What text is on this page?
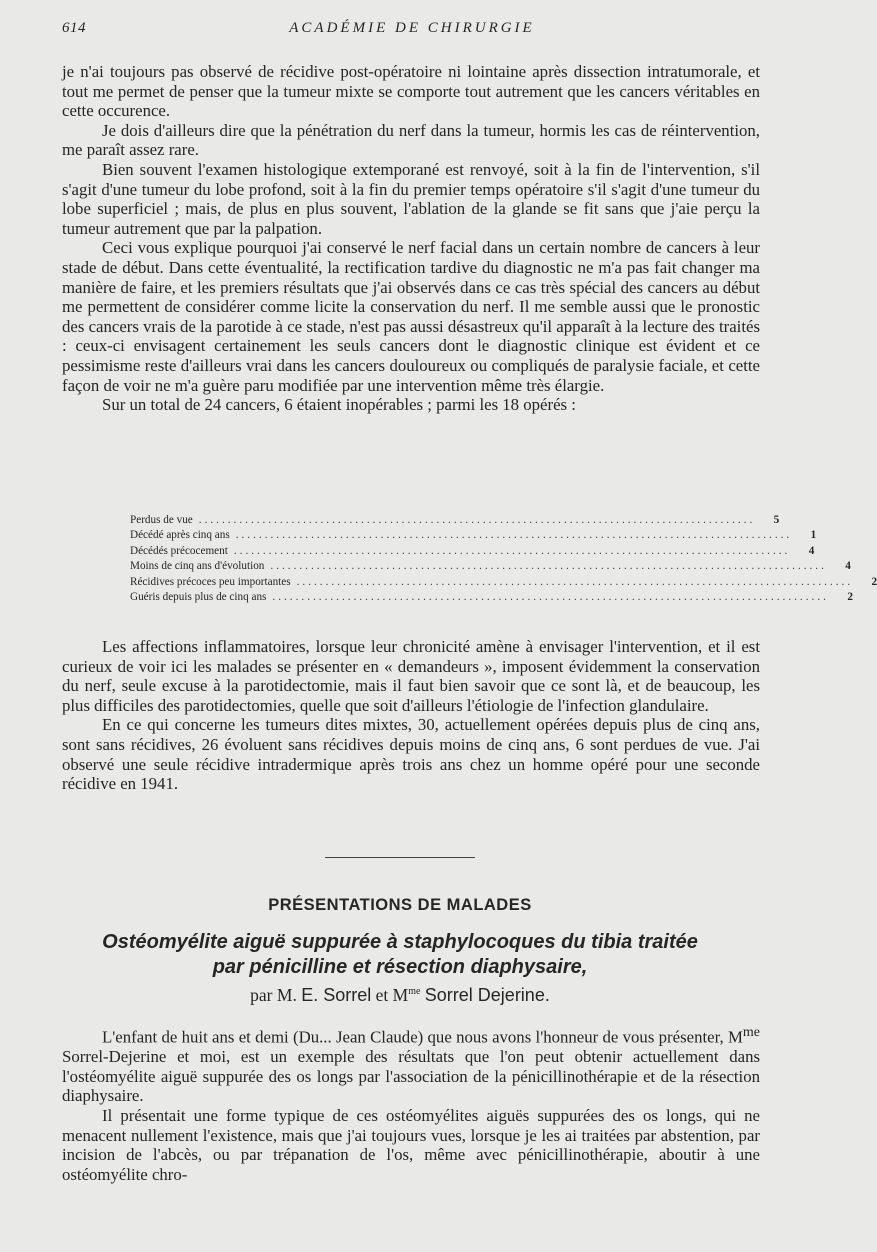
614	ACADÉMIE DE CHIRURGIE

je n'ai toujours pas observé de récidive post-opératoire ni lointaine après dissection intratumorale, et tout me permet de penser que la tumeur mixte se comporte tout autrement que les cancers véritables en cette occurence.

Je dois d'ailleurs dire que la pénétration du nerf dans la tumeur, hormis les cas de réintervention, me paraît assez rare.

Bien souvent l'examen histologique extemporané est renvoyé, soit à la fin de l'intervention, s'il s'agit d'une tumeur du lobe profond, soit à la fin du premier temps opératoire s'il s'agit d'une tumeur du lobe superficiel ; mais, de plus en plus souvent, l'ablation de la glande se fit sans que j'aie perçu la tumeur autrement que par la palpation.

Ceci vous explique pourquoi j'ai conservé le nerf facial dans un certain nombre de cancers à leur stade de début. Dans cette éventualité, la rectification tardive du diagnostic ne m'a pas fait changer ma manière de faire, et les premiers résultats que j'ai observés dans ce cas très spécial des cancers au début me permettent de considérer comme licite la conservation du nerf. Il me semble aussi que le pronostic des cancers vrais de la parotide à ce stade, n'est pas aussi désastreux qu'il apparaît à la lecture des traités : ceux-ci envisagent certainement les seuls cancers dont le diagnostic clinique est évident et ce pessimisme reste d'ailleurs vrai dans les cancers douloureux ou compliqués de paralysie faciale, et cette façon de voir ne m'a guère paru modifiée par une intervention même très élargie.

Sur un total de 24 cancers, 6 étaient inopérables ; parmi les 18 opérés :

Perdus de vue ................................................................................................	5
Décédé après cinq ans ................................................................................................	1
Décédés précocement ................................................................................................	4
Moins de cinq ans d'évolution ................................................................................................	4
Récidives précoces peu importantes ................................................................................................	2
Guéris depuis plus de cinq ans ................................................................................................	2

Les affections inflammatoires, lorsque leur chronicité amène à envisager l'intervention, et il est curieux de voir ici les malades se présenter en « demandeurs », imposent évidemment la conservation du nerf, seule excuse à la parotidectomie, mais il faut bien savoir que ce sont là, et de beaucoup, les plus difficiles des parotidectomies, quelle que soit d'ailleurs l'étiologie de l'infection glandulaire.

En ce qui concerne les tumeurs dites mixtes, 30, actuellement opérées depuis plus de cinq ans, sont sans récidives, 26 évoluent sans récidives depuis moins de cinq ans, 6 sont perdues de vue. J'ai observé une seule récidive intradermique après trois ans chez un homme opéré pour une seconde récidive en 1941.

PRÉSENTATIONS DE MALADES
Ostéomyélite aiguë suppurée à staphylocoques du tibia traitée par pénicilline et résection diaphysaire,
par M. E. Sorrel et $M^{me}$ Sorrel Dejerine.

L'enfant de huit ans et demi (Du... Jean Claude) que nous avons l'honneur de vous présenter, $M^{me}$ Sorrel-Dejerine et moi, est un exemple des résultats que l'on peut obtenir actuellement dans l'ostéomyélite aiguë suppurée des os longs par l'association de la pénicillinothérapie et de la résection diaphysaire.

Il présentait une forme typique de ces ostéomyélites aiguës suppurées des os longs, qui ne menacent nullement l'existence, mais que j'ai toujours vues, lorsque je les ai traitées par abstention, par incision de l'abcès, ou par trépanation de l'os, même avec pénicillinothérapie, aboutir à une ostéomyélite chro-
